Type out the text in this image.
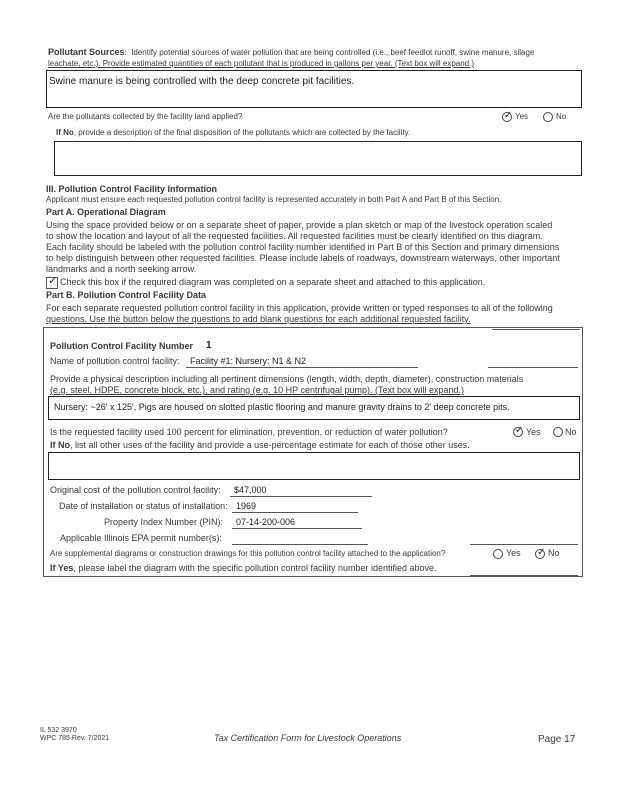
Pollutant Sources:  Identify potential sources of water pollution that are being controlled (i.e., beef feedlot runoff, swine manure, silage
leachate, etc.). Provide estimated quantities of each pollutant that is produced in gallons per year. (Text box will expand.)
Swine manure is being controlled with the deep concrete pit facilities.
Are the pollutants collected by the facility land applied?	✓ Yes	No
If No, provide a description of the final disposition of the pollutants which are collected by the facility.
III. Pollution Control Facility Information
Applicant must ensure each requested pollution control facility is represented accurately in both Part A and Part B of this Section.
Part A. Operational Diagram
Using the space provided below or on a separate sheet of paper, provide a plan sketch or map of the livestock operation scaled
to show the location and layout of all the requested facilities. All requested facilities must be clearly identified on this diagram.
Each facility should be labeled with the pollution control facility number identified in Part B of this Section and primary dimensions
to help distinguish between other requested facilities. Please include labels of roadways, downstream waterways, other important
landmarks and a north seeking arrow.
✓ Check this box if the required diagram was completed on a separate sheet and attached to this application.
Part B. Pollution Control Facility Data
For each separate requested pollution control facility in this application, provide written or typed responses to all of the following
questions. Use the button below the questions to add blank questions for each additional requested facility.
Pollution Control Facility Number 1
Name of pollution control facility: Facility #1: Nursery: N1 & N2
Provide a physical description including all pertinent dimensions (length, width, depth, diameter), construction materials
(e.g. steel, HDPE, concrete block, etc.), and rating (e.g. 10 HP centrifugal pump). (Text box will expand.)
Nursery: ~26' x 125', Pigs are housed on slotted plastic flooring and manure gravity drains to 2' deep concrete pits.
Is the requested facility used 100 percent for elimination, prevention, or reduction of water pollution?	✓ Yes	No
If No, list all other uses of the facility and provide a use-percentage estimate for each of those other uses.
Original cost of the pollution control facility: $47,000
Date of installation or status of installation: 1969
Property Index Number (PIN): 07-14-200-006
Applicable Illinois EPA permit number(s):
Are supplemental diagrams or construction drawings for this pollution control facility attached to the application?	Yes ✓ No
If Yes, please label the diagram with the specific pollution control facility number identified above.
IL 532 3970
WPC 785 Rev. 7/2021	Tax Certification Form for Livestock Operations	Page 17
